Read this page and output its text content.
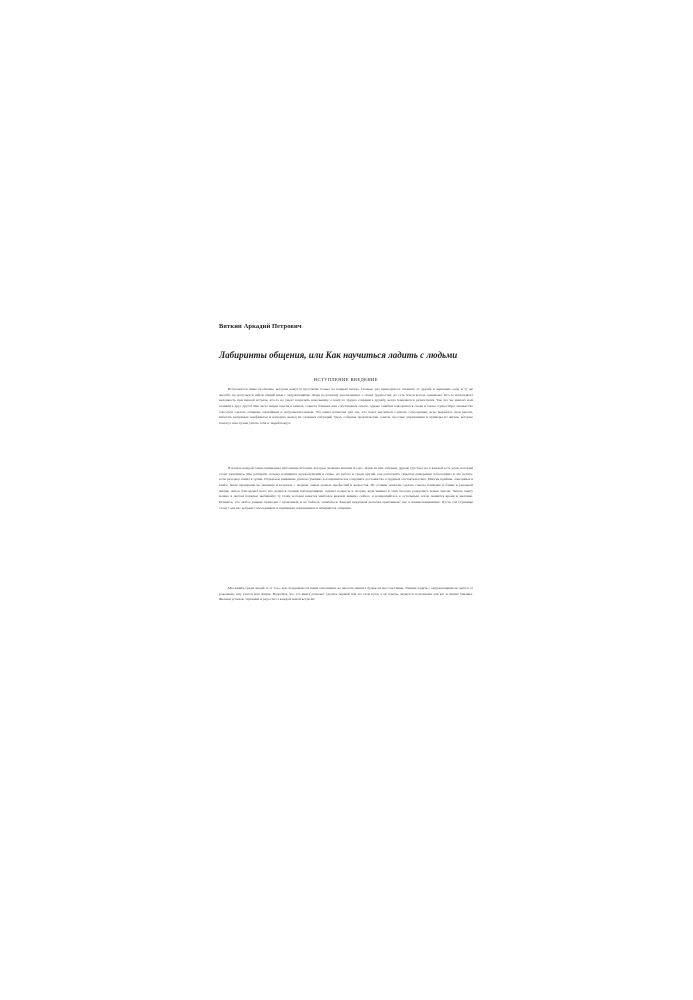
Вяткин Аркадий Петрович
Лабиринты общения, или Как научиться ладить с людьми
ВСТУПЛЕНИЕ ВВЕДЕНИЕ

Встречаются иные проблемы, которые кажутся простыми только на первый взгляд. Сколько раз приходилось слышать от друзей и знакомых одну и ту же жалобу: не получается найти общий язык с окружающими. Люди по-разному рассказывают о своих трудностях, но суть почти всегда одинакова. Кто-то испытывает неловкость при первой встрече, кто-то не умеет возразить начальнику, а кому-то трудно сохранить дружбу, когда появляются разногласия. Так что же мешает нам понимать друг друга? Мы часто ищем ответы в книгах, советах близких или собственном опыте, однако ошибки повторяются снова и снова. Существует множество способов сделать общение спокойным и доброжелательным. Эта книга написана для тех, кто хочет научиться слушать собеседника, ясно выражать свои мысли, избегать ненужных конфликтов и находить выход из сложных ситуаций. Здесь собраны практические советы, простые упражнения и примеры из жизни, которые помогут вам лучше узнать себя и людей вокруг.

В начале каждой главы приведены небольшие истории, которые знакомы многим из нас. Одни из них забавны, другие грустны, но в каждой есть урок, который стоит запомнить. Мы разберём, почему возникают недоразумения в семье, на работе и среди друзей, как распознать скрытые намерения собеседника и что делать, если разговор зашёл в тупик. Отдельное внимание уделено умению договариваться и сохранять достоинство в трудных обстоятельствах. Многие приёмы, описанные в книге, были проверены на занятиях и встречах с людьми самых разных профессий и возрастов. Их отзывы помогли сделать советы понятнее и ближе к реальной жизни. Автор благодарит всех, кто делился своими наблюдениями, задавал вопросы и спорил, ведь именно в этих беседах рождались новые мысли. Читать книгу можно в любом порядке: выбирайте ту главу, которая кажется наиболее важной именно сейчас, и возвращайтесь к остальным, когда появится время и желание. Помните, что любое умение приходит с практикой, и не бойтесь ошибаться. Каждая неудачная попытка приближает нас к взаимопониманию. Пусть эти страницы станут для вас добрым собеседником и надёжным помощником в лабиринтах общения.

Мы живём среди людей, и от того, как складываются наши отношения, во многом зависит, будем ли мы счастливы. Умение ладить с окружающими не даётся от рождения, ему учатся всю жизнь. Надеемся, что эта книга поможет сделать первый шаг на этом пути, а её советы окажутся полезными для вас и ваших близких. Желаем успехов, терпения и радости от каждой новой встречи!
